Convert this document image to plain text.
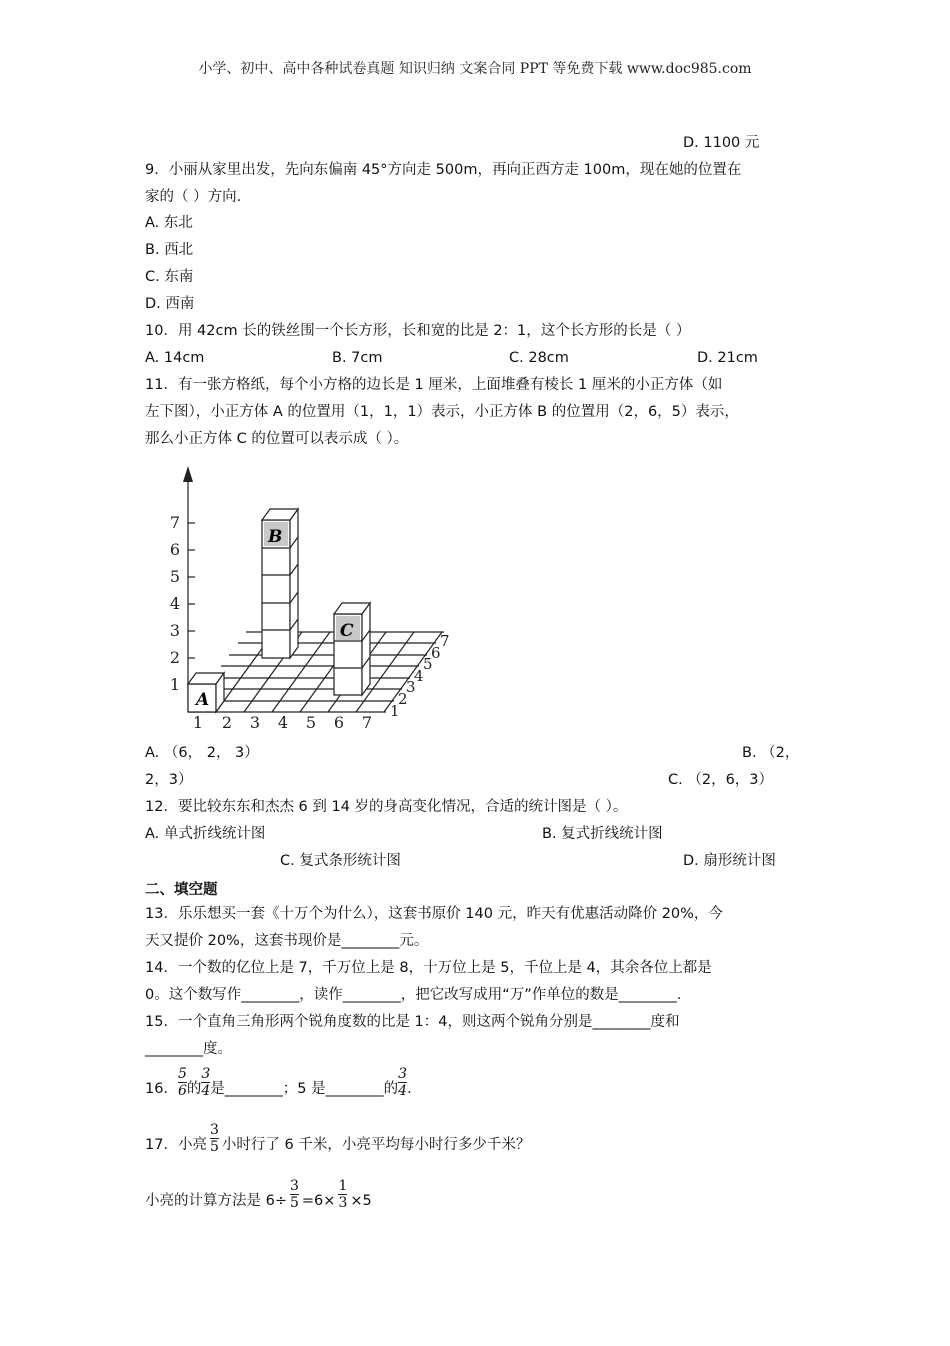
小学、初中、高中各种试卷真题 知识归纳 文案合同 PPT 等免费下载 www.doc985.com
D. 1100 元
9．小丽从家里出发，先向东偏南 45°方向走 500m，再向正西方走 100m，现在她的位置在
家的（ ）方向.
A. 东北
B. 西北
C. 东南
D. 西南
10．用 42cm 长的铁丝围一个长方形，长和宽的比是 2：1，这个长方形的长是（ ）
A. 14cm	B. 7cm	C. 28cm	D. 21cm
11．有一张方格纸，每个小方格的边长是 1 厘米，上面堆叠有棱长 1 厘米的小正方体（如
左下图），小正方体 A 的位置用（1，1，1）表示，小正方体 B 的位置用（2，6，5）表示，
那么小正方体 C 的位置可以表示成（ ）。
A
B
C
1
2
3
4
5
6
7
1 2 3 4 5 6 7
1
2
3
4
5
6
7
A. （6， 2， 3）	B. （2，
2，3）	C. （2，6，3）
12．要比较东东和杰杰 6 到 14 岁的身高变化情况，合适的统计图是（ ）。
A. 单式折线统计图	B. 复式折线统计图
C. 复式条形统计图	D. 扇形统计图
二、填空题
13．乐乐想买一套《十万个为什么），这套书原价 140 元，昨天有优惠活动降价 20%，今
天又提价 20%，这套书现价是________元。
14．一个数的亿位上是 7，千万位上是 8，十万位上是 5，千位上是 4，其余各位上都是
0。这个数写作________，读作________，把它改写成用“万”作单位的数是________.
15．一个直角三角形两个锐角度数的比是 1：4，则这两个锐角分别是________度和
________度。
16． $\frac{5}{6}$ 的 $\frac{3}{4}$ 是________；5 是________的 $\frac{3}{4}$ .
17．小亮 $\frac{3}{5}$ 小时行了 6 千米，小亮平均每小时行多少千米？
小亮的计算方法是 $6\div \frac{3}{5} =6\times \frac{1}{3} \times 5$
